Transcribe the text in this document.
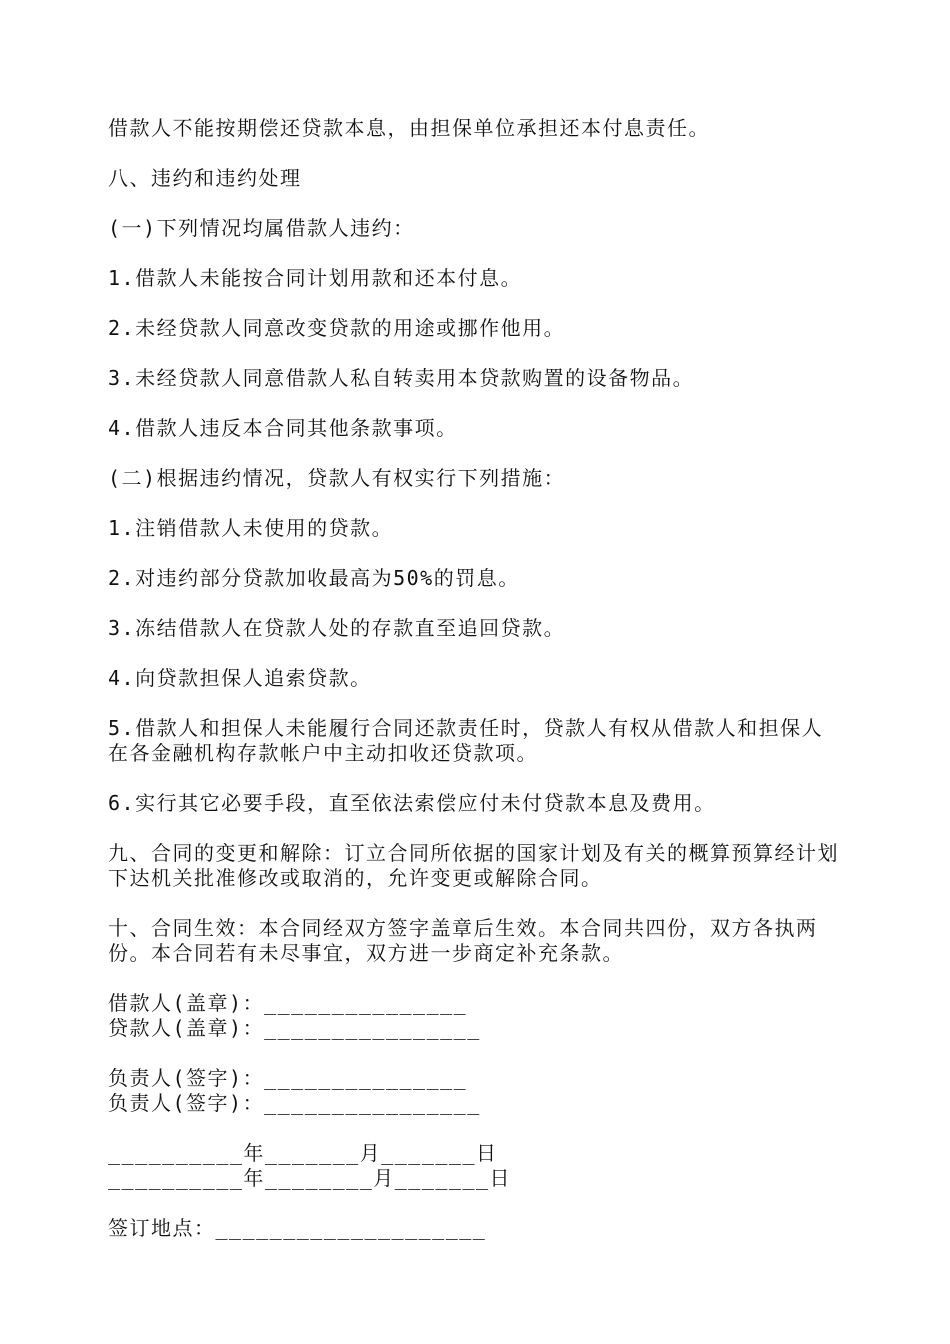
借款人不能按期偿还贷款本息，由担保单位承担还本付息责任。

八、违约和违约处理

(一)下列情况均属借款人违约：

1.借款人未能按合同计划用款和还本付息。

2.未经贷款人同意改变贷款的用途或挪作他用。

3.未经贷款人同意借款人私自转卖用本贷款购置的设备物品。

4.借款人违反本合同其他条款事项。

(二)根据违约情况，贷款人有权实行下列措施：

1.注销借款人未使用的贷款。

2.对违约部分贷款加收最高为50%的罚息。

3.冻结借款人在贷款人处的存款直至追回贷款。

4.向贷款担保人追索贷款。

5.借款人和担保人未能履行合同还款责任时，贷款人有权从借款人和担保人在各金融机构存款帐户中主动扣收还贷款项。

6.实行其它必要手段，直至依法索偿应付未付贷款本息及费用。

九、合同的变更和解除：订立合同所依据的国家计划及有关的概算预算经计划下达机关批准修改或取消的，允许变更或解除合同。

十、合同生效：本合同经双方签字盖章后生效。本合同共四份，双方各执两份。本合同若有未尽事宜，双方进一步商定补充条款。

借款人(盖章)：_______________
贷款人(盖章)：________________
负责人(签字)：_______________
负责人(签字)：________________
__________年_______月_______日
__________年________月_______日
签订地点：____________________
